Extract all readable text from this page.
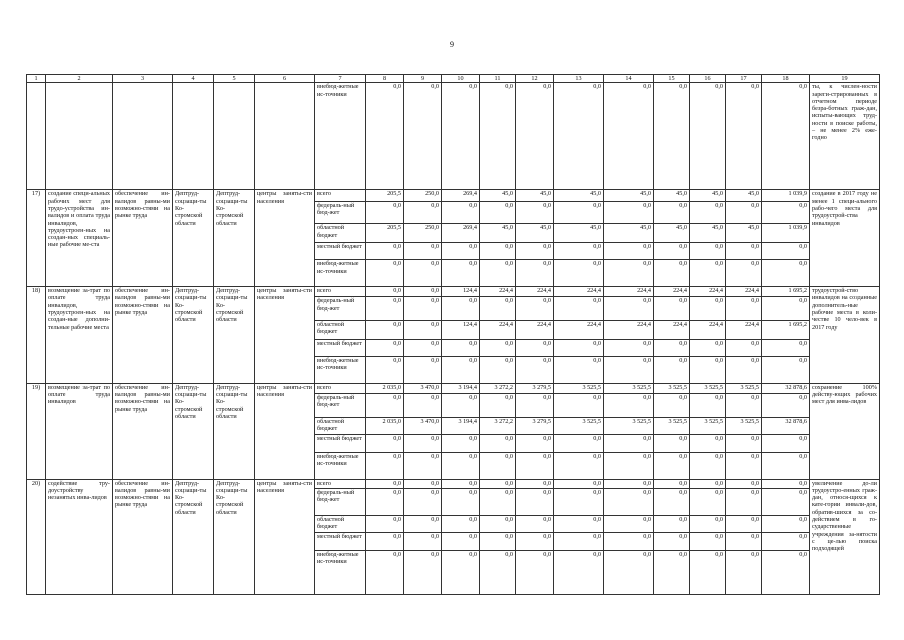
9
1	2	3	4	5	6	7	8	9	10	11	12	13	14	15	16	17	18	19
						внебюд-жетные ис-точники	0,0	0,0	0,0	0,0	0,0	0,0	0,0	0,0	0,0	0,0	0,0	ты, к числен-ности зареги-стрированных в отчетном периоде безра-ботных граж-дан, испыты-вающих труд-ности в поиске работы, – не менее 2% еже-годно
17)	создание специ-альных рабочих мест для трудо-устройства ин-валидов и оплата труда инвалидов, трудоустроен-ных на создан-ных специаль-ные рабочие ме-ста	обеспечение ин-валидов равны-ми возможно-стями на рынке труда	Дептруд-соцзащи-ты Ко-стромской области	Дептруд-соцзащи-ты Ко-стромской области	центры заняты-сти населения	всего	205,5	250,0	269,4	45,0	45,0	45,0	45,0	45,0	45,0	45,0	1 039,9	создание в 2017 году не менее 1 специ-ального рабо-чего места для трудоустрой-ства инвалидов
						федераль-ный бюд-жет	0,0	0,0	0,0	0,0	0,0	0,0	0,0	0,0	0,0	0,0	0,0	
						областной бюджет	205,5	250,0	269,4	45,0	45,0	45,0	45,0	45,0	45,0	45,0	1 039,9	
						местный бюджет	0,0	0,0	0,0	0,0	0,0	0,0	0,0	0,0	0,0	0,0	0,0	
						внебюд-жетные ис-точники	0,0	0,0	0,0	0,0	0,0	0,0	0,0	0,0	0,0	0,0	0,0	
18)	возмещение за-трат по оплате труда инвалидов, трудоустроен-ных на создан-ные дополни-тельные рабочие места	обеспечение ин-валидов равны-ми возможно-стями на рынке труда	Дептруд-соцзащи-ты Ко-стромской области	Дептруд-соцзащи-ты Ко-стромской области	центры заняты-сти населения	всего	0,0	0,0	124,4	224,4	224,4	224,4	224,4	224,4	224,4	224,4	1 695,2	трудоустрой-ство инвалидов на созданные дополнитель-ные рабочие места в коли-честве 10 чело-век в 2017 году
						федераль-ный бюд-жет	0,0	0,0	0,0	0,0	0,0	0,0	0,0	0,0	0,0	0,0	0,0	
						областной бюджет	0,0	0,0	124,4	224,4	224,4	224,4	224,4	224,4	224,4	224,4	1 695,2	
						местный бюджет	0,0	0,0	0,0	0,0	0,0	0,0	0,0	0,0	0,0	0,0	0,0	
						внебюд-жетные ис-точники	0,0	0,0	0,0	0,0	0,0	0,0	0,0	0,0	0,0	0,0	0,0	
19)	возмещение за-трат по оплате труда инвалидов	обеспечение ин-валидов равны-ми возможно-стями на рынке труда	Дептруд-соцзащи-ты Ко-стромской области	Дептруд-соцзащи-ты Ко-стромской области	центры заняты-сти населения	всего	2 035,0	3 470,0	3 194,4	3 272,2	3 279,5	3 525,5	3 525,5	3 525,5	3 525,5	3 525,5	32 878,6	сохранение 100% действу-ющих рабочих мест для инва-лидов
						федераль-ный бюд-жет	0,0	0,0	0,0	0,0	0,0	0,0	0,0	0,0	0,0	0,0	0,0	
						областной бюджет	2 035,0	3 470,0	3 194,4	3 272,2	3 279,5	3 525,5	3 525,5	3 525,5	3 525,5	3 525,5	32 878,6	
						местный бюджет	0,0	0,0	0,0	0,0	0,0	0,0	0,0	0,0	0,0	0,0	0,0	
						внебюд-жетные ис-точники	0,0	0,0	0,0	0,0	0,0	0,0	0,0	0,0	0,0	0,0	0,0	
20)	содействие тру-доустройству незанятых инва-лидов	обеспечение ин-валидов равны-ми возможно-стями на рынке труда	Дептруд-соцзащи-ты Ко-стромской области	Дептруд-соцзащи-ты Ко-стромской области	центры заняты-сти населения	всего	0,0	0,0	0,0	0,0	0,0	0,0	0,0	0,0	0,0	0,0	0,0	увеличение до-ли трудоустро-енных граж-дан, относя-щихся к кате-гории инвали-дов, обратив-шихся за со-действием в го-сударственные учреждения за-нятости с це-лью поиска подходящей
						федераль-ный бюд-жет	0,0	0,0	0,0	0,0	0,0	0,0	0,0	0,0	0,0	0,0	0,0	
						областной бюджет	0,0	0,0	0,0	0,0	0,0	0,0	0,0	0,0	0,0	0,0	0,0	
						местный бюджет	0,0	0,0	0,0	0,0	0,0	0,0	0,0	0,0	0,0	0,0	0,0	
						внебюд-жетные ис-точники	0,0	0,0	0,0	0,0	0,0	0,0	0,0	0,0	0,0	0,0	0,0	
